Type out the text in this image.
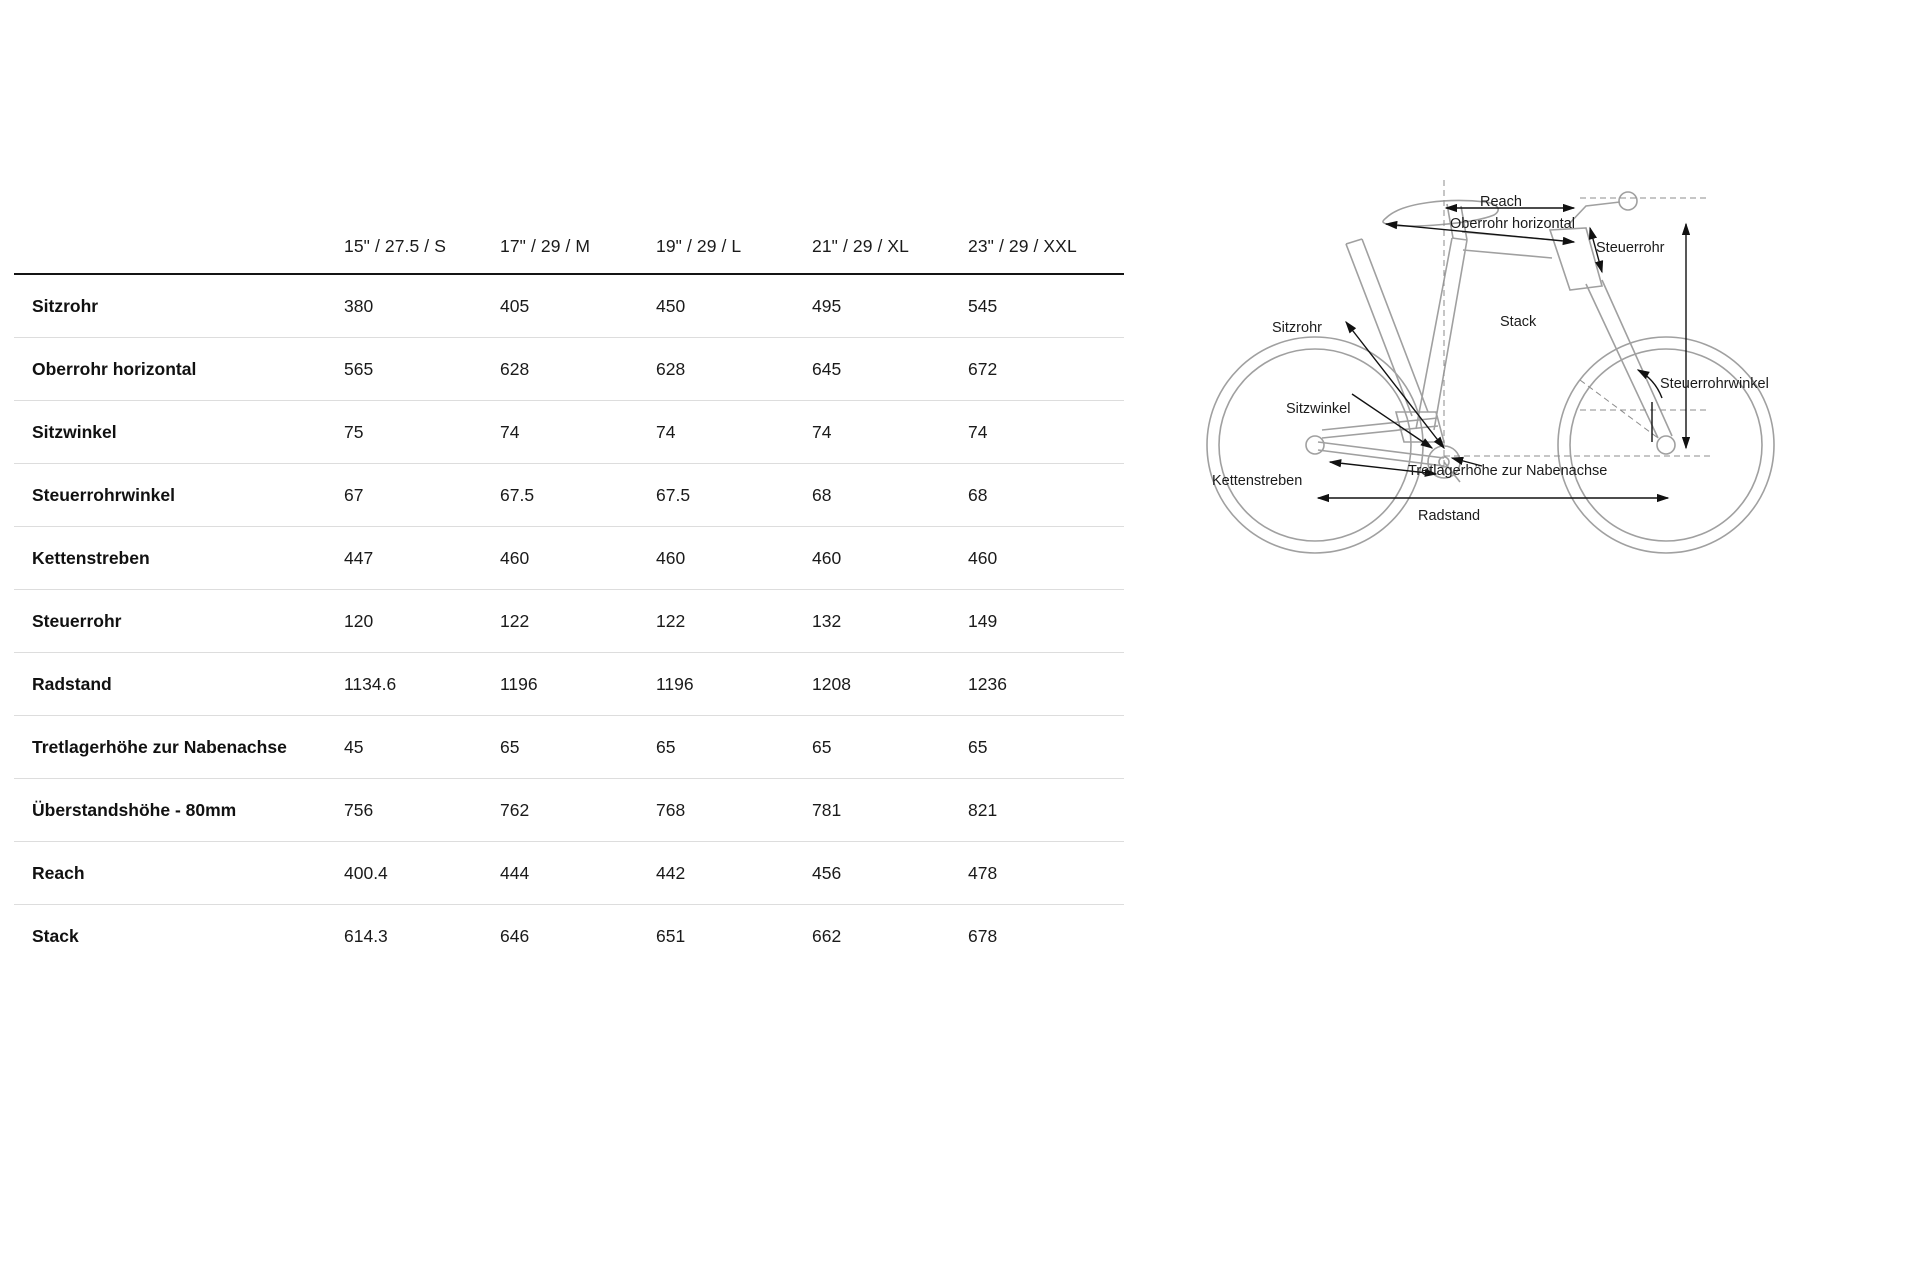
	15" / 27.5 / S	17" / 29 / M	19" / 29 / L	21" / 29 / XL	23" / 29 / XXL
Sitzrohr	380	405	450	495	545
Oberrohr horizontal	565	628	628	645	672
Sitzwinkel	75	74	74	74	74
Steuerrohrwinkel	67	67.5	67.5	68	68
Kettenstreben	447	460	460	460	460
Steuerrohr	120	122	122	132	149
Radstand	1134.6	1196	1196	1208	1236
Tretlagerhöhe zur Nabenachse	45	65	65	65	65
Überstandshöhe - 80mm	756	762	768	781	821
Reach	400.4	444	442	456	478
Stack	614.3	646	651	662	678
Reach
Oberrohr horizontal
Steuerrohr
Stack
Sitzrohr
Steuerrohrwinkel
Sitzwinkel
Tretlagerhöhe zur Nabenachse
Kettenstreben
Radstand
